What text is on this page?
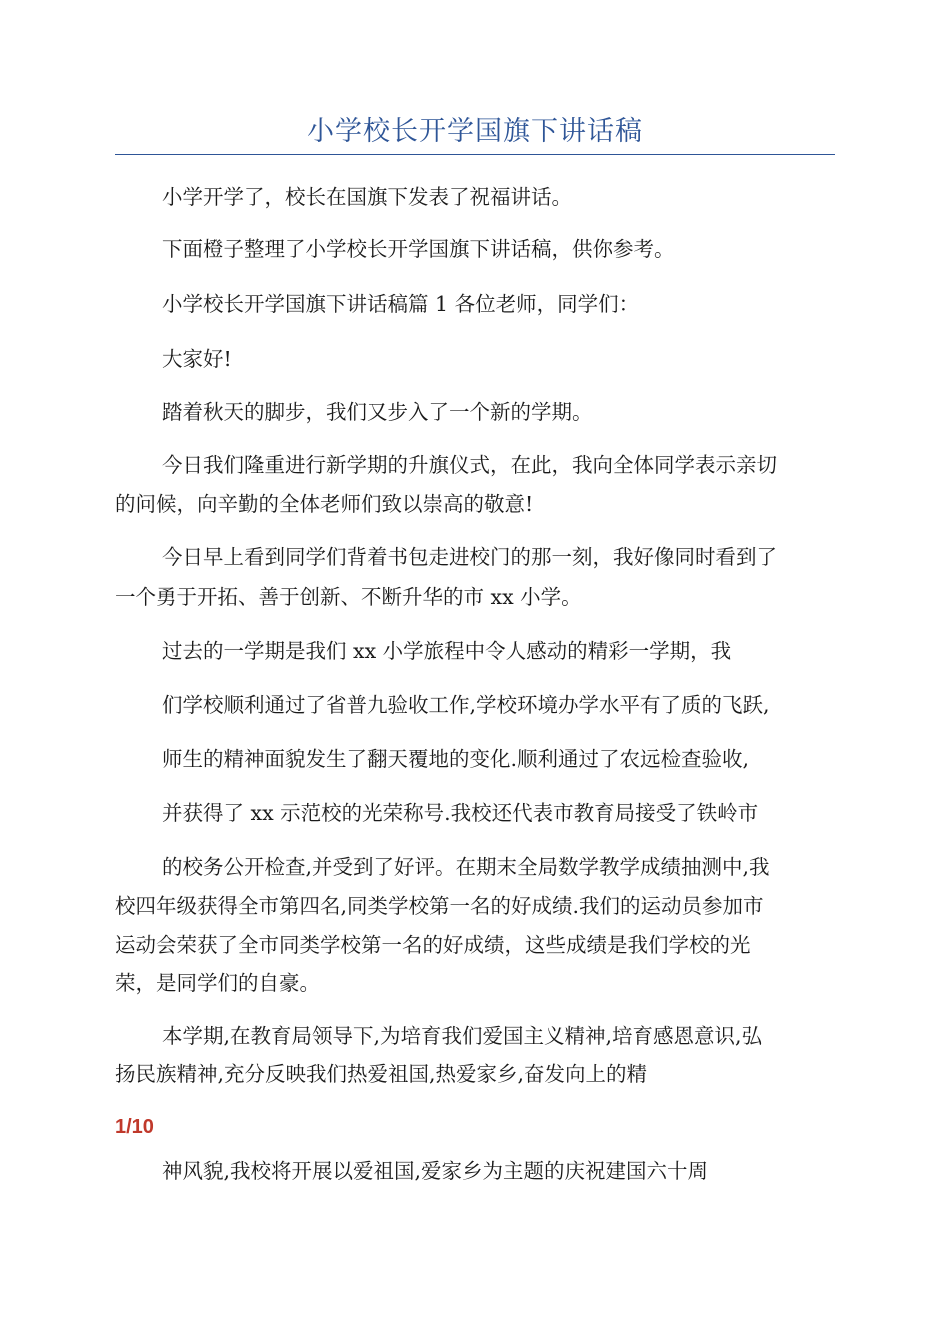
小学校长开学国旗下讲话稿
小学开学了，校长在国旗下发表了祝福讲话。
下面橙子整理了小学校长开学国旗下讲话稿，供你参考。
小学校长开学国旗下讲话稿篇 1 各位老师，同学们：
大家好!
踏着秋天的脚步，我们又步入了一个新的学期。
今日我们隆重进行新学期的升旗仪式，在此，我向全体同学表示亲切
的问候，向辛勤的全体老师们致以崇高的敬意!
今日早上看到同学们背着书包走进校门的那一刻，我好像同时看到了
一个勇于开拓、善于创新、不断升华的市 xx 小学。
过去的一学期是我们 xx 小学旅程中令人感动的精彩一学期，我
们学校顺利通过了省普九验收工作,学校环境办学水平有了质的飞跃,
师生的精神面貌发生了翻天覆地的变化.顺利通过了农远检查验收,
并获得了 xx 示范校的光荣称号.我校还代表市教育局接受了铁岭市
的校务公开检查,并受到了好评。在期末全局数学教学成绩抽测中,我
校四年级获得全市第四名,同类学校第一名的好成绩.我们的运动员参加市
运动会荣获了全市同类学校第一名的好成绩，这些成绩是我们学校的光
荣，是同学们的自豪。
本学期,在教育局领导下,为培育我们爱国主义精神,培育感恩意识,弘
扬民族精神,充分反映我们热爱祖国,热爱家乡,奋发向上的精
1/10
神风貌,我校将开展以爱祖国,爱家乡为主题的庆祝建国六十周
